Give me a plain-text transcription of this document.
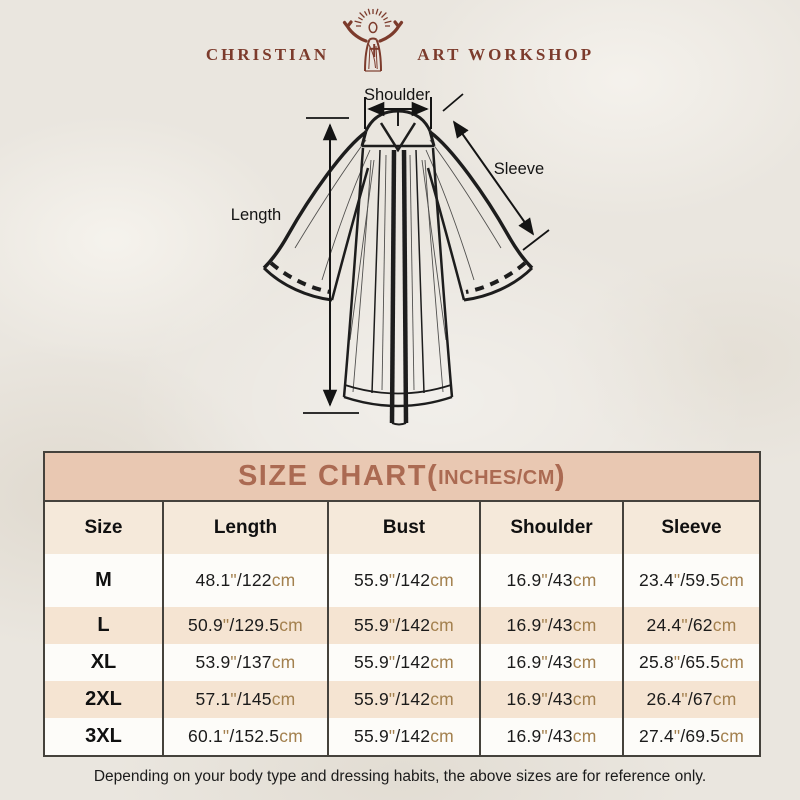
CHRISTIAN	ART WORKSHOP
Shoulder
Sleeve
Length
SIZE CHART ( INCHES/CM )
Size	Length	Bust	Shoulder	Sleeve
M	48.1"/122cm	55.9"/142cm	16.9"/43cm	23.4"/59.5cm
L	50.9"/129.5cm	55.9"/142cm	16.9"/43cm	24.4"/62cm
XL	53.9"/137cm	55.9"/142cm	16.9"/43cm	25.8"/65.5cm
2XL	57.1"/145cm	55.9"/142cm	16.9"/43cm	26.4"/67cm
3XL	60.1"/152.5cm	55.9"/142cm	16.9"/43cm	27.4"/69.5cm
Depending on your body type and dressing habits, the above sizes are for reference only.
